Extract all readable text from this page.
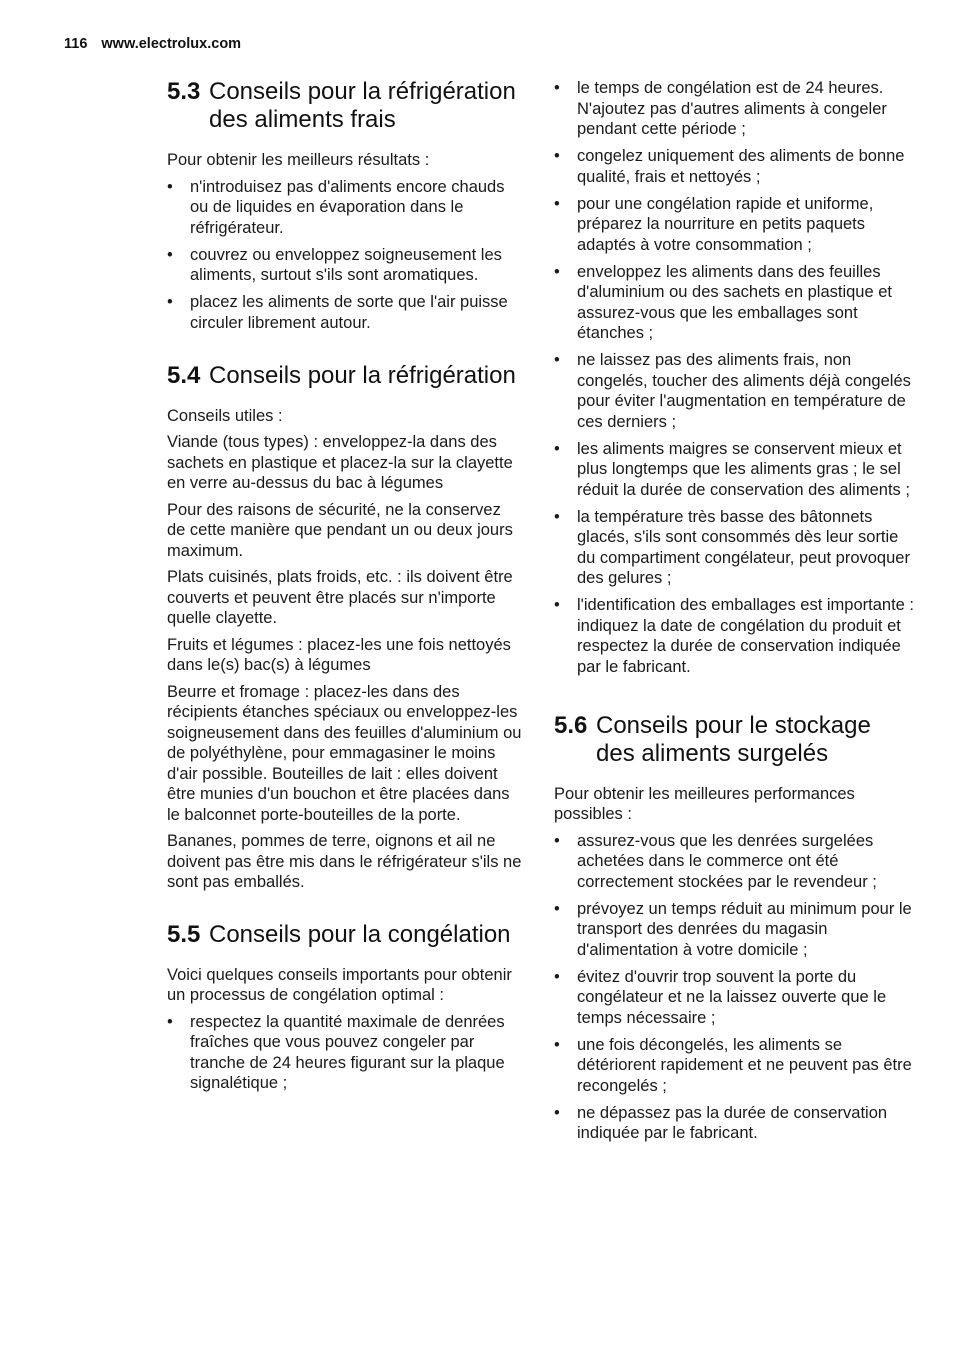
116 www.electrolux.com
5.3 Conseils pour la réfrigération des aliments frais

Pour obtenir les meilleurs résultats :

• n'introduisez pas d'aliments encore chauds ou de liquides en évaporation dans le réfrigérateur.
• couvrez ou enveloppez soigneusement les aliments, surtout s'ils sont aromatiques.
• placez les aliments de sorte que l'air puisse circuler librement autour.
5.4 Conseils pour la réfrigération

Conseils utiles :

Viande (tous types) : enveloppez-la dans des sachets en plastique et placez-la sur la clayette en verre au-dessus du bac à légumes

Pour des raisons de sécurité, ne la conservez de cette manière que pendant un ou deux jours maximum.

Plats cuisinés, plats froids, etc. : ils doivent être couverts et peuvent être placés sur n'importe quelle clayette.

Fruits et légumes : placez-les une fois nettoyés dans le(s) bac(s) à légumes

Beurre et fromage : placez-les dans des récipients étanches spéciaux ou enveloppez-les soigneusement dans des feuilles d'aluminium ou de polyéthylène, pour emmagasiner le moins d'air possible. Bouteilles de lait : elles doivent être munies d'un bouchon et être placées dans le balconnet porte-bouteilles de la porte.

Bananes, pommes de terre, oignons et ail ne doivent pas être mis dans le réfrigérateur s'ils ne sont pas emballés.

5.5 Conseils pour la congélation

Voici quelques conseils importants pour obtenir un processus de congélation optimal :

• respectez la quantité maximale de denrées fraîches que vous pouvez congeler par tranche de 24 heures figurant sur la plaque signalétique ;
• le temps de congélation est de 24 heures. N'ajoutez pas d'autres aliments à congeler pendant cette période ;
• congelez uniquement des aliments de bonne qualité, frais et nettoyés ;
• pour une congélation rapide et uniforme, préparez la nourriture en petits paquets adaptés à votre consommation ;
• enveloppez les aliments dans des feuilles d'aluminium ou des sachets en plastique et assurez-vous que les emballages sont étanches ;
• ne laissez pas des aliments frais, non congelés, toucher des aliments déjà congelés pour éviter l'augmentation en température de ces derniers ;
• les aliments maigres se conservent mieux et plus longtemps que les aliments gras ; le sel réduit la durée de conservation des aliments ;
• la température très basse des bâtonnets glacés, s'ils sont consommés dès leur sortie du compartiment congélateur, peut provoquer des gelures ;
• l'identification des emballages est importante : indiquez la date de congélation du produit et respectez la durée de conservation indiquée par le fabricant.
5.6 Conseils pour le stockage des aliments surgelés

Pour obtenir les meilleures performances possibles :

• assurez-vous que les denrées surgelées achetées dans le commerce ont été correctement stockées par le revendeur ;
• prévoyez un temps réduit au minimum pour le transport des denrées du magasin d'alimentation à votre domicile ;
• évitez d'ouvrir trop souvent la porte du congélateur et ne la laissez ouverte que le temps nécessaire ;
• une fois décongelés, les aliments se détériorent rapidement et ne peuvent pas être recongelés ;
• ne dépassez pas la durée de conservation indiquée par le fabricant.
